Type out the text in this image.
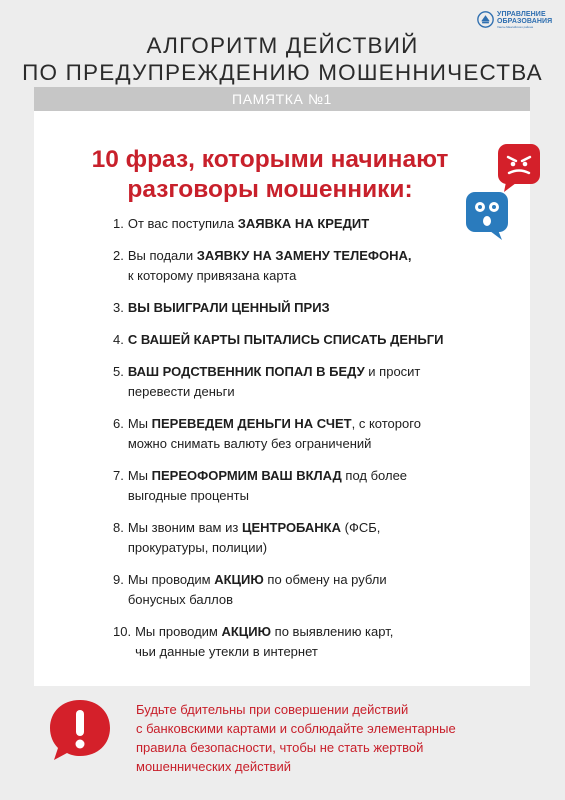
УПРАВЛЕНИЕ
ОБРАЗОВАНИЯ
Ханты-Мансийского района
АЛГОРИТМ ДЕЙСТВИЙ
ПО ПРЕДУПРЕЖДЕНИЮ МОШЕННИЧЕСТВА
ПАМЯТКА №1
10 фраз, которыми начинают
разговоры мошенники:
1. От вас поступила ЗАЯВКА НА КРЕДИТ
2. Вы подали ЗАЯВКУ НА ЗАМЕНУ ТЕЛЕФОНА,
к которому привязана карта
3. ВЫ ВЫИГРАЛИ ЦЕННЫЙ ПРИЗ
4. С ВАШЕЙ КАРТЫ ПЫТАЛИСЬ СПИСАТЬ ДЕНЬГИ
5. ВАШ РОДСТВЕННИК ПОПАЛ В БЕДУ и просит
перевести деньги
6. Мы ПЕРЕВЕДЕМ ДЕНЬГИ НА СЧЕТ, с которого
можно снимать валюту без ограничений
7. Мы ПЕРЕОФОРМИМ ВАШ ВКЛАД под более
выгодные проценты
8. Мы звоним вам из ЦЕНТРОБАНКА (ФСБ,
прокуратуры, полиции)
9. Мы проводим АКЦИЮ по обмену на рубли
бонусных баллов
10. Мы проводим АКЦИЮ по выявлению карт,
чьи данные утекли в интернет
Будьте бдительны при совершении действий
с банковскими картами и соблюдайте элементарные
правила безопасности, чтобы не стать жертвой
мошеннических действий
